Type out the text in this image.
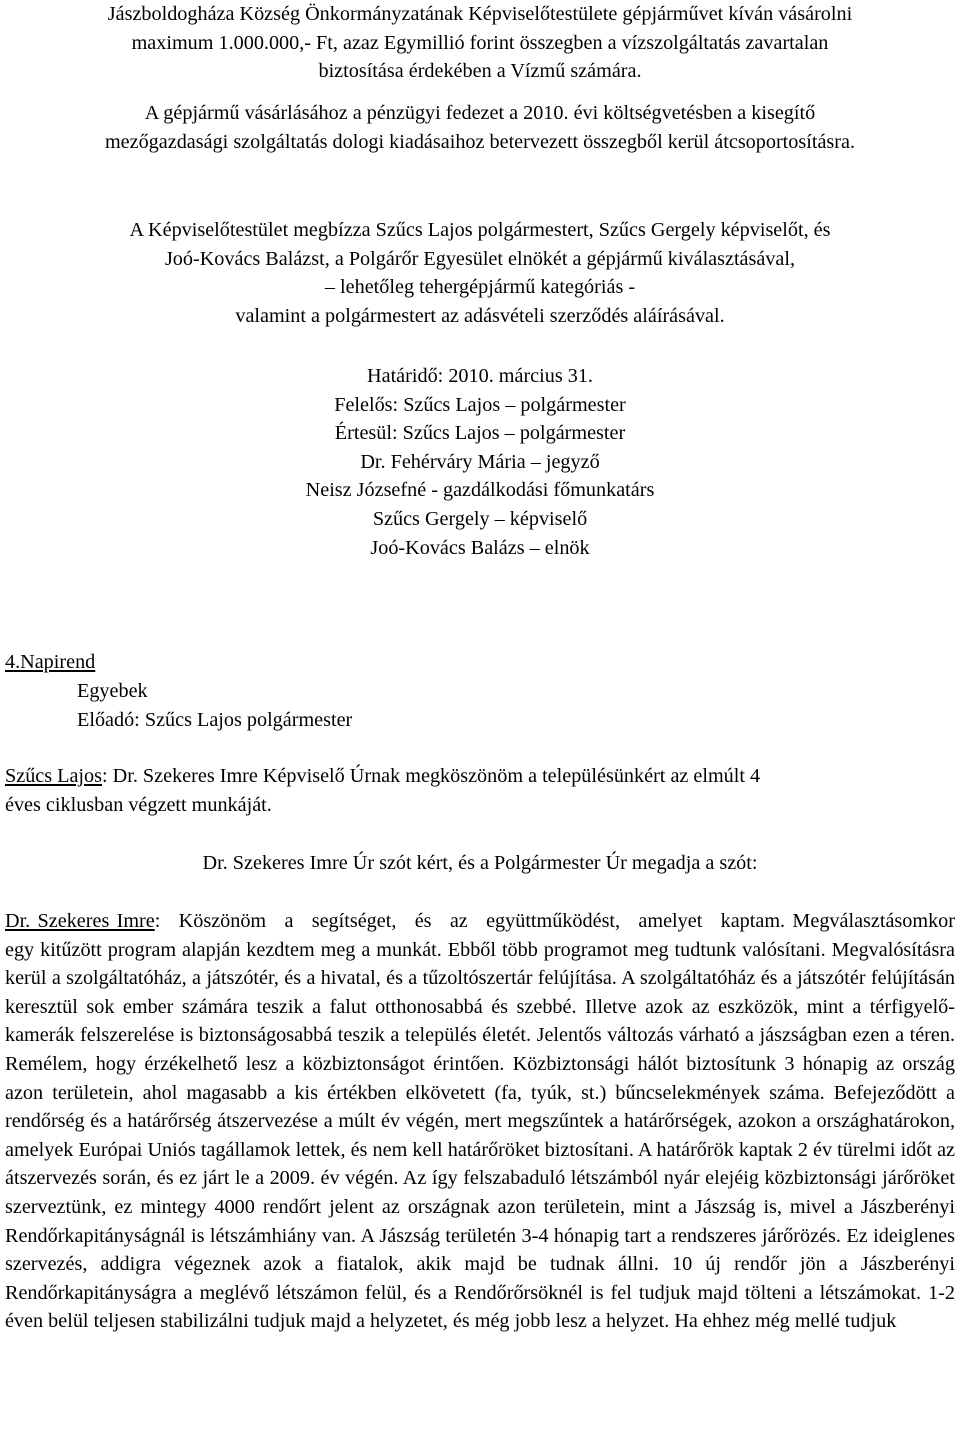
Jászboldogháza Község Önkormányzatának Képviselőtestülete gépjárművet kíván vásárolni
maximum 1.000.000,- Ft, azaz Egymillió forint összegben a vízszolgáltatás zavartalan
biztosítása érdekében a Vízmű számára.
A gépjármű vásárlásához a pénzügyi fedezet a 2010. évi költségvetésben a kisegítő
mezőgazdasági szolgáltatás dologi kiadásaihoz betervezett összegből kerül átcsoportosításra.
A Képviselőtestület megbízza Szűcs Lajos polgármestert, Szűcs Gergely képviselőt, és
Joó-Kovács Balázst, a Polgárőr Egyesület elnökét a gépjármű kiválasztásával,
– lehetőleg tehergépjármű kategóriás -
valamint a polgármestert az adásvételi szerződés aláírásával.
Határidő: 2010. március 31.
Felelős: Szűcs Lajos – polgármester
Értesül: Szűcs Lajos – polgármester
Dr. Fehérváry Mária – jegyző
Neisz Józsefné - gazdálkodási főmunkatárs
Szűcs Gergely – képviselő
Joó-Kovács Balázs – elnök
4.Napirend
Egyebek
Előadó: Szűcs Lajos polgármester
Szűcs Lajos: Dr. Szekeres Imre Képviselő Úrnak megköszönöm a településünkért az elmúlt 4
éves ciklusban végzett munkáját.
Dr. Szekeres Imre Úr szót kért, és a Polgármester Úr megadja a szót:
Dr. Szekeres Imre: Köszönöm a segítséget, és az együttműködést, amelyet kaptam. Megválasztásomkor egy kitűzött program alapján kezdtem meg a munkát. Ebből több programot meg tudtunk valósítani. Megvalósításra kerül a szolgáltatóház, a játszótér, és a hivatal, és a tűzoltószertár felújítása. A szolgáltatóház és a játszótér felújításán keresztül sok ember számára teszik a falut otthonosabbá és szebbé. Illetve azok az eszközök, mint a térfigyelő-kamerák felszerelése is biztonságosabbá teszik a település életét. Jelentős változás várható a jászságban ezen a téren. Remélem, hogy érzékelhető lesz a közbiztonságot érintően. Közbiztonsági hálót biztosítunk 3 hónapig az ország azon területein, ahol magasabb a kis értékben elkövetett (fa, tyúk, st.) bűncselekmények száma. Befejeződött a rendőrség és a határőrség átszervezése a múlt év végén, mert megszűntek a határőrségek, azokon a országhatárokon, amelyek Európai Uniós tagállamok lettek, és nem kell határőröket biztosítani. A határőrök kaptak 2 év türelmi időt az átszervezés során, és ez járt le a 2009. év végén. Az így felszabaduló létszámból nyár elejéig közbiztonsági járőröket szerveztünk, ez mintegy 4000 rendőrt jelent az országnak azon területein, mint a Jászság is, mivel a Jászberényi Rendőrkapitányságnál is létszámhiány van. A Jászság területén 3-4 hónapig tart a rendszeres járőrözés. Ez ideiglenes szervezés, addigra végeznek azok a fiatalok, akik majd be tudnak állni. 10 új rendőr jön a Jászberényi Rendőrkapitányságra a meglévő létszámon felül, és a Rendőrőrsöknél is fel tudjuk majd tölteni a létszámokat. 1-2 éven belül teljesen stabilizálni tudjuk majd a helyzetet, és még jobb lesz a helyzet. Ha ehhez még mellé tudjuk
